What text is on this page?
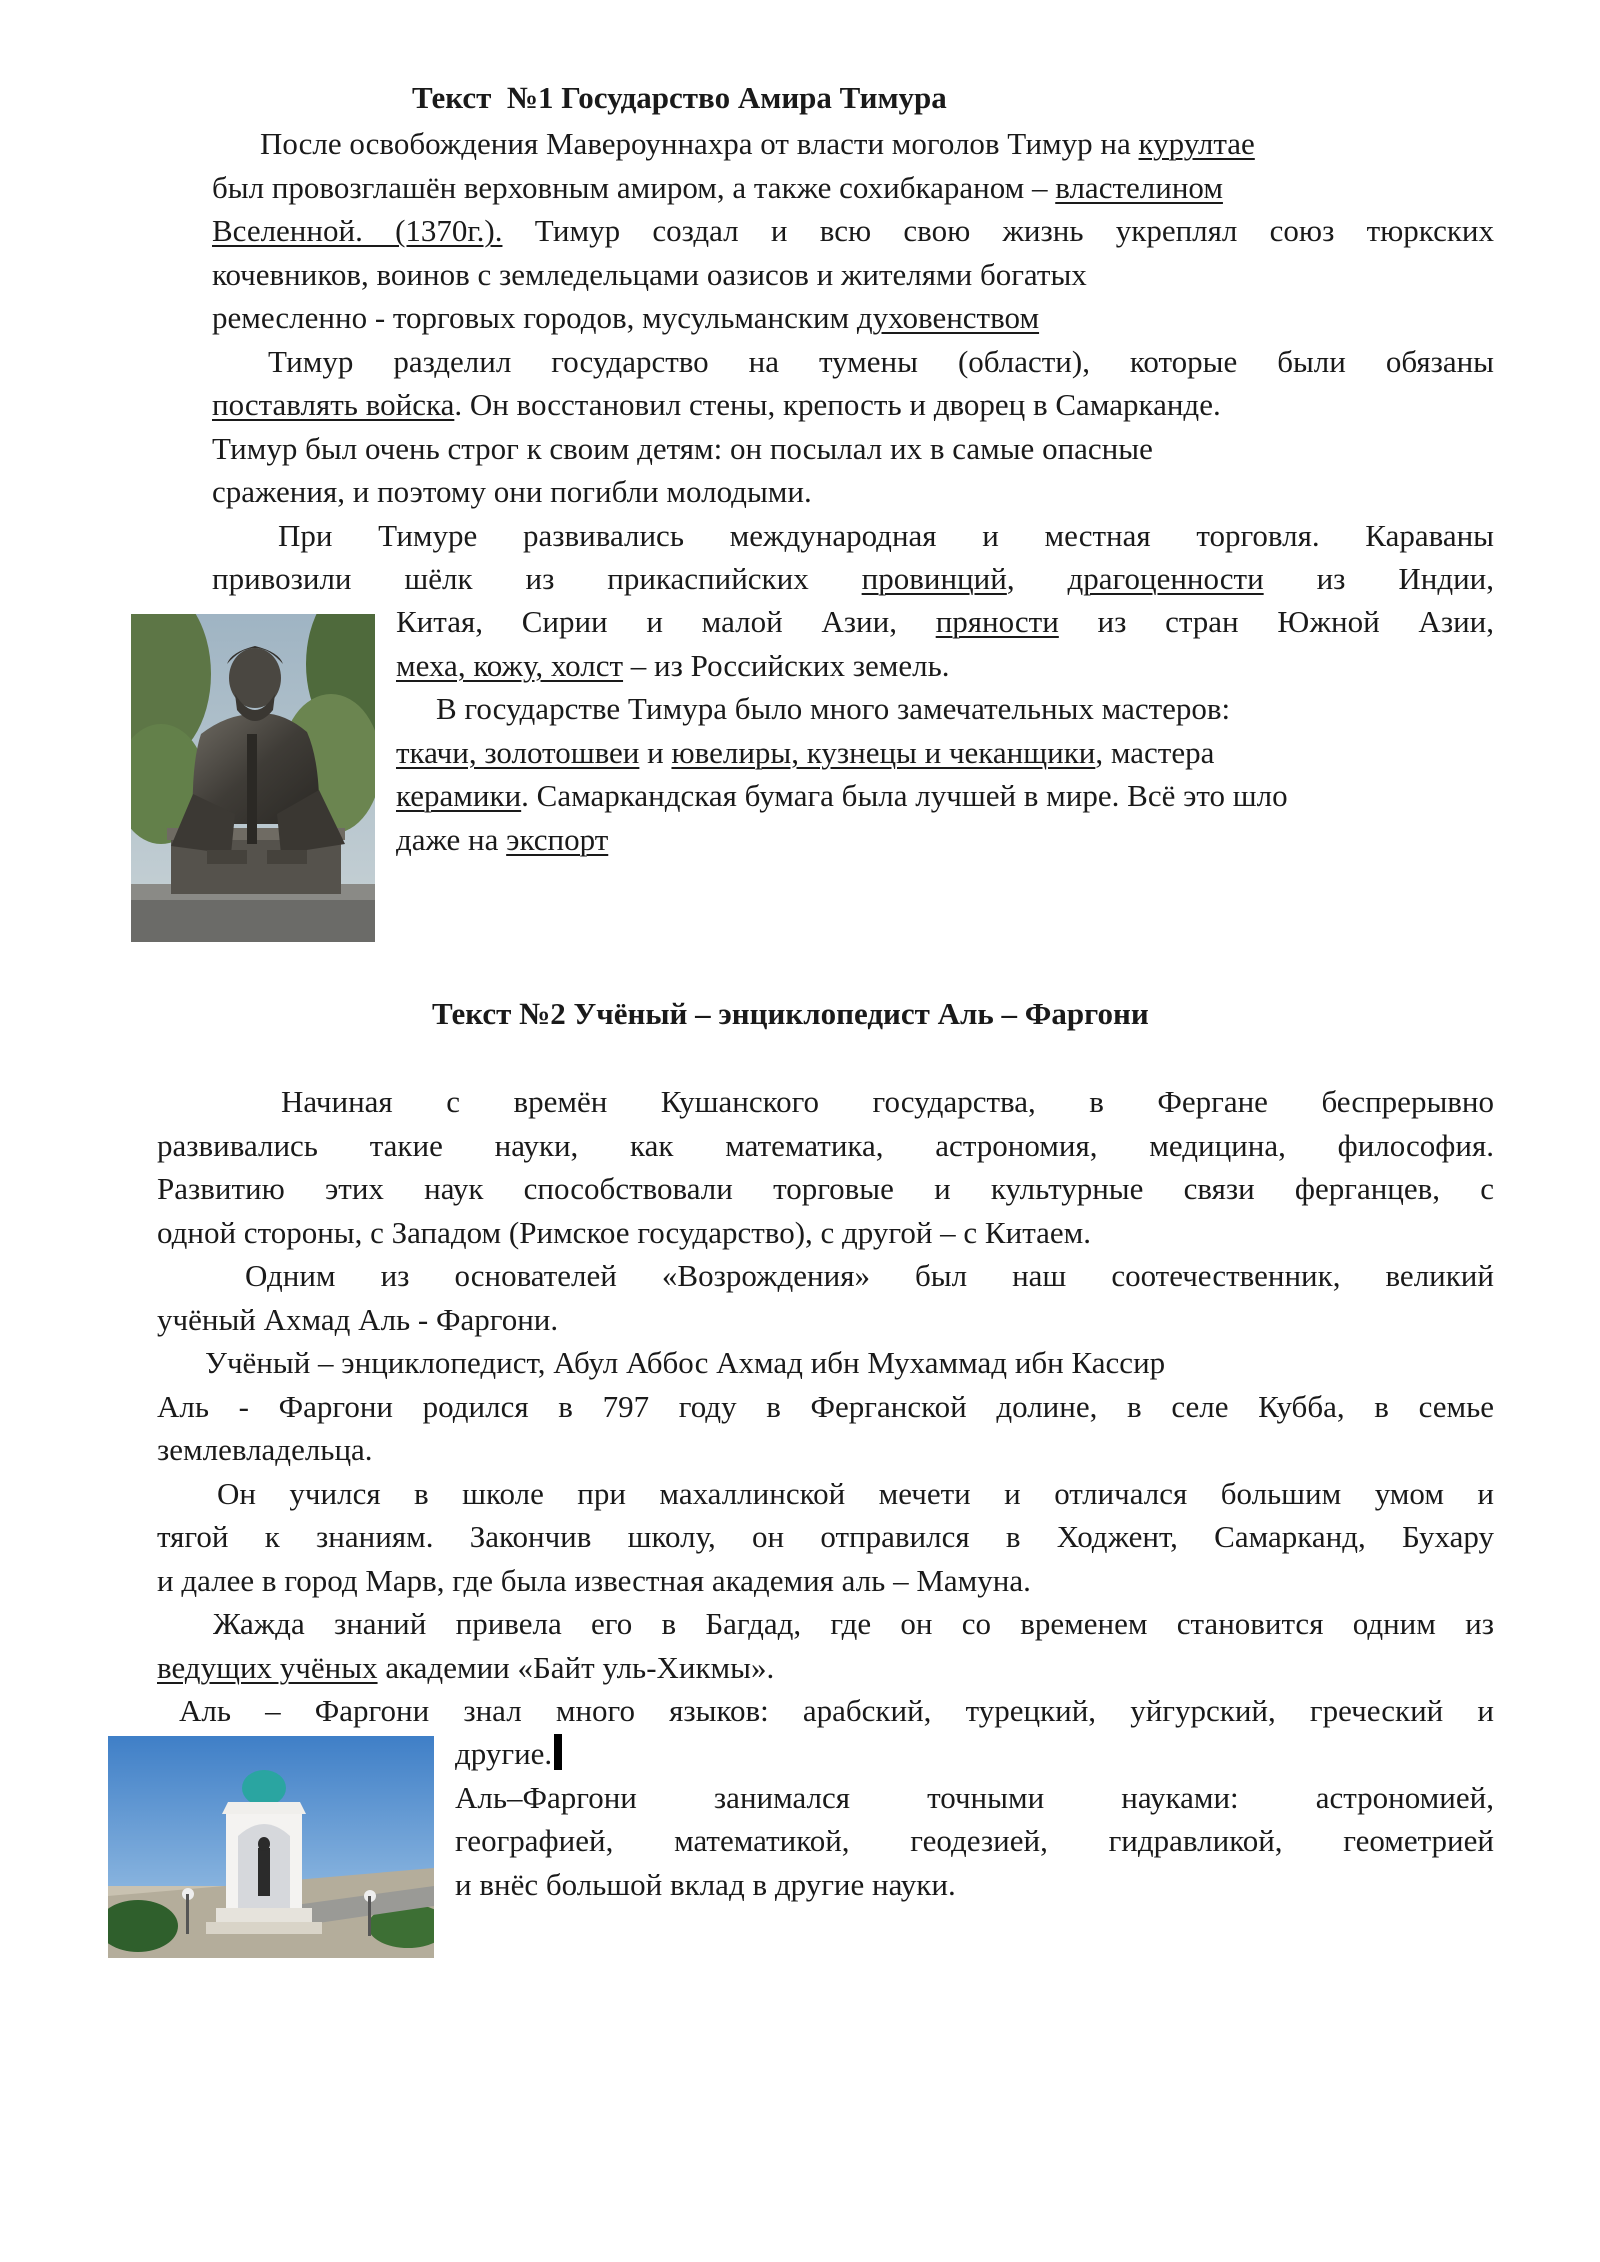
Текст  №1 Государство Амира Тимура

После освобождения Мавероуннахра от власти моголов Тимур на курултае

был провозглашён верховным амиром, а также сохибкараном – властелином

Вселенной. (1370г.). Тимур создал и всю свою жизнь укреплял союз тюркских

кочевников, воинов с земледельцами оазисов и жителями богатых

ремесленно - торговых городов, мусульманским духовенством

Тимур разделил государство на тумены (области), которые были обязаны

поставлять войска. Он восстановил стены, крепость и дворец в Самарканде.

Тимур был очень строг к своим детям: он посылал их в самые опасные

сражения, и поэтому они погибли молодыми.

При Тимуре развивались международная и местная торговля. Караваны

привозили шёлк из прикаспийских провинций, драгоценности из Индии,

Китая, Сирии и малой Азии, пряности из стран Южной Азии,

меха, кожу, холст – из Российских земель.

В государстве Тимура было много замечательных мастеров:

ткачи, золотошвеи и ювелиры, кузнецы и чеканщики, мастера

керамики. Самаркандская бумага была лучшей в мире. Всё это шло

даже на экспорт

Текст №2 Учёный – энциклопедист Аль – Фаргони

Начиная с времён Кушанского государства, в Фергане беспрерывно

развивались такие науки, как математика, астрономия, медицина, философия.

Развитию этих наук способствовали торговые и культурные связи ферганцев, с

одной стороны, с Западом (Римское государство), с другой – с Китаем.

Одним из основателей «Возрождения» был наш соотечественник, великий

учёный Ахмад Аль - Фаргони.

Учёный – энциклопедист, Абул Аббос Ахмад ибн Мухаммад ибн Кассир

Аль - Фаргони родился в 797 году в Ферганской долине, в селе Кубба, в семье

землевладельца.

Он учился в школе при махаллинской мечети и отличался большим умом и

тягой к знаниям. Закончив школу, он отправился в Ходжент, Самарканд, Бухару

и далее в город Марв, где была известная академия аль – Мамуна.

Жажда знаний привела его в Багдад, где он со временем становится одним из

ведущих учёных академии «Байт уль-Хикмы».

Аль – Фаргони знал много языков: арабский, турецкий, уйгурский, греческий и

другие.

Аль–Фаргони занимался точными науками: астрономией,

географией, математикой, геодезией, гидравликой, геометрией

и внёс большой вклад в другие науки.
